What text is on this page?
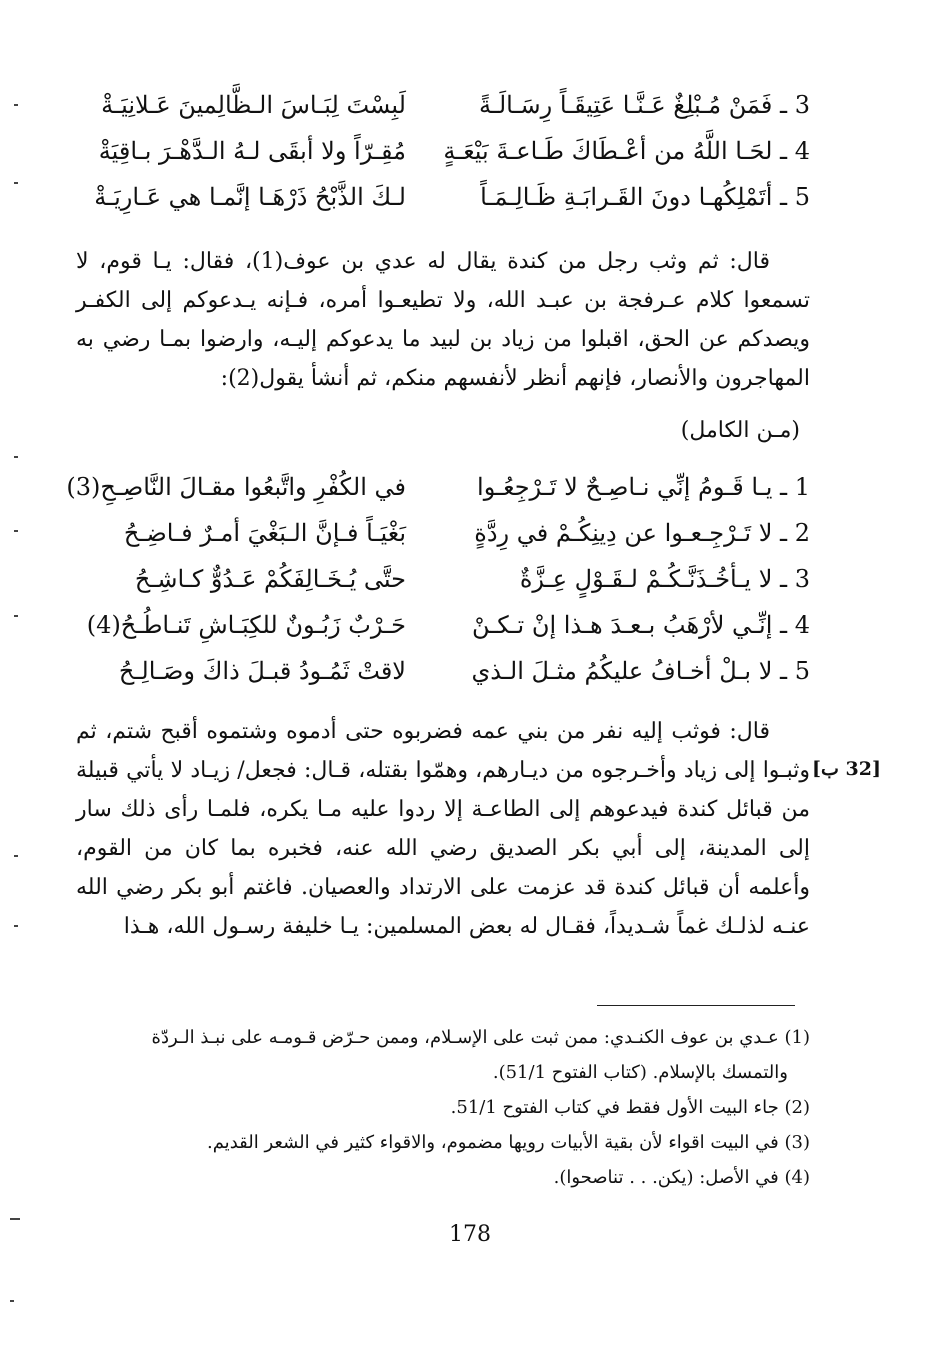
3 ـ فَمَنْ مُـبْلِغٌ عَـنَّـا عَتِيقَـاً رِسَـالَـةً
لَبِسْتَ لِبَـاسَ الـظَّالِمينَ عَـلانِيَـةْ
4 ـ لحَـا اللَّهُ من أعْـطَاكَ طَـاعـةَ بَيْعَـةٍ
مُقِـرّاً ولا أبقَى لـهُ الـدَّهْـرَ بـاقِيَةْ
5 ـ أتَمْلِكُهـا دونَ القَـرابَـةِ ظَـالِـمَـاً
لـكَ الذَّبْحُ ذَرْهَـا إنَّمـا هي عَـارِيَـةْ

قال: ثم وثب رجل من كندة يقال له عدي بن عوف(1)، فقال: يـا قوم، لا تسمعوا كلام عـرفجة بن عبـد الله، ولا تطيعـوا أمره، فـإنه يـدعوكم إلى الكفـر ويصدكم عن الحق، اقبلوا من زياد بن لبيد ما يدعوكم إليـه، وارضوا بمـا رضي به المهاجرون والأنصار، فإنهم أنظر لأنفسهم منكم، ثم أنشأ يقول(2):

(مـن الكامل)
1 ـ يـا قَـومُ إنِّي نـاصِـحٌ لا تَـرْجِعُـوا
في الكُفْرِ واتَّبعُوا مقـالَ النَّاصِـحِ(3)
2 ـ لا تَـرْجِـعـوا عن دِينِكُـمْ في رِدَّةٍ
بَغْيَـاً فـإنَّ الـبَغْيَ أمـرٌ فـاضِـحُ
3 ـ لا يـأخُـذَنَّـكُـمْ لـقَـوْلٍ عِـزَّةٌ
حتَّى يُـخَـالِفَكُمْ عَـدُوٌّ كـاشِـحُ
4 ـ إنِّـي لأرْهَبُ بـعـدَ هـذا إنْ تـكـنْ
حَـرْبٌ زَبُـونٌ للكِبَـاشِ تَنـاطُـحُ(4)
5 ـ لا بـلْ أخـافُ عليكُمُ مثـلَ الـذي
لاقتْ ثَمُـودُ قبـلَ ذاكَ وصَـالِـحُ

قال: فوثب إليه نفر من بني عمه فضربوه حتى أدموه وشتموه أقبح شتم، ثم وثبـوا إلى زياد وأخـرجوه من ديـارهم، وهمّوا بقتله، قـال: فجعل/ زيـاد لا يأتي قبيلة من قبائل كندة فيدعوهم إلى الطاعـة إلا ردوا عليه مـا يكره، فلمـا رأى ذلك سار إلى المدينة، إلى أبي بكر الصديق رضي الله عنه، فخبره بما كان من القوم، وأعلمه أن قبائل كندة قد عزمت على الارتداد والعصيان. فاغتم أبو بكر رضي الله عنـه لذلـك غماً شـديداً، فقـال له بعض المسلمين: يـا خليفة رسـول الله، هـذا

[32 ب]

(1) عـدي بن عوف الكنـدي: ممن ثبت على الإسـلام، وممن حـرّض قـومـه على نبـذ الـردّة

والتمسك بالإسلام. (كتاب الفتوح 51/1).

(2) جاء البيت الأول فقط في كتاب الفتوح 51/1.

(3) في البيت اقواء لأن بقية الأبيات رويها مضموم، والاقواء كثير في الشعر القديم.

(4) في الأصل: (يكن. . . تناصحوا).

178
